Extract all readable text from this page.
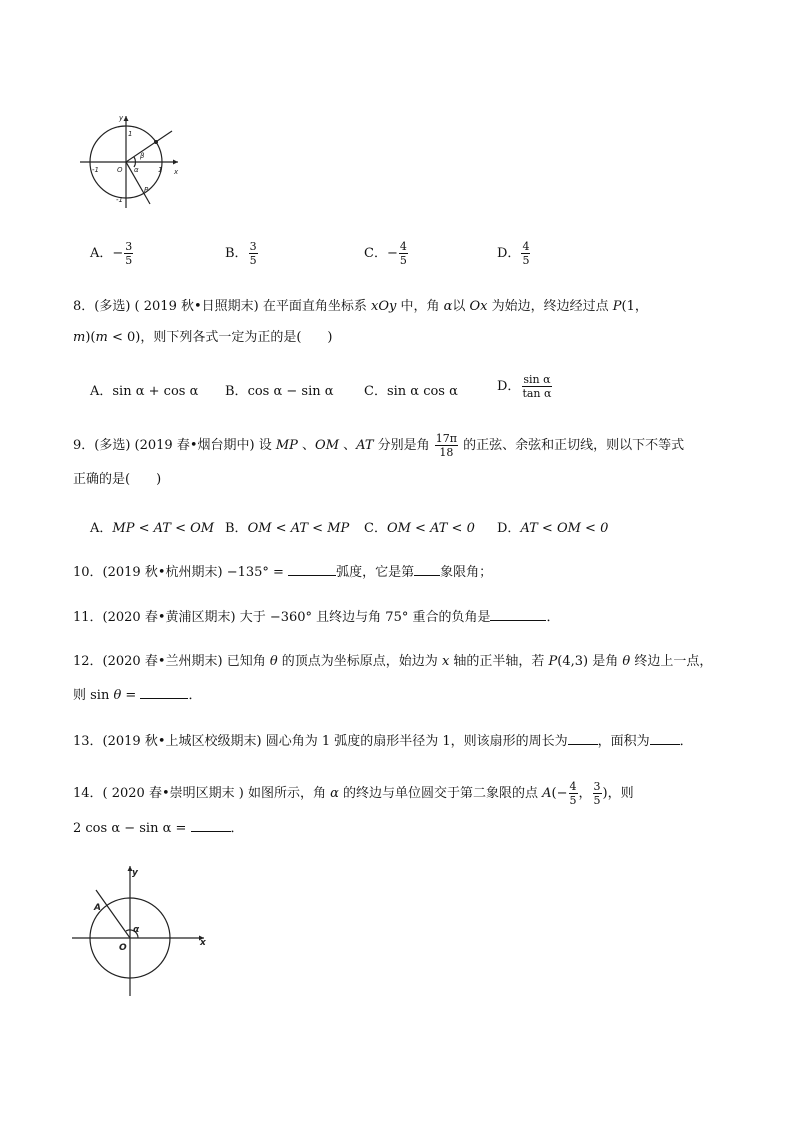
y
x
1
-1	O	1
-1
β
α
P
A．− $\frac{3}{5}$	B． $\frac{3}{5}$	C．− $\frac{4}{5}$	D． $\frac{4}{5}$
8．(多选) ( 2019 秋•日照期末) 在平面直角坐标系 xOy 中，角 α以 Ox 为始边，终边经过点 P(1，
m)(m < 0)，则下列各式一定为正的是(　　)
A．sin α + cos α B．cos α − sin α C．sin α cos α	D． $\frac{\text{sin α}}{\text{tan α}}$
9．(多选) (2019 春•烟台期中) 设 MP 、OM 、AT 分别是角 $\frac{17\pi}{18}$ 的正弦、余弦和正切线，则以下不等式
正确的是(　　)
A．MP < AT < OM B．OM < AT < MP C．OM < AT < 0 D．AT < OM < 0
10．(2019 秋•杭州期末) −135° =	弧度，它是第 象限角；
11．(2020 春•黄浦区期末) 大于 −360° 且终边与角 75° 重合的负角是	．
12．(2020 春•兰州期末) 已知角 θ 的顶点为坐标原点，始边为 x 轴的正半轴，若 P(4,3) 是角 θ 终边上一点，
则 sin θ =	．
13．(2019 秋•上城区校级期末) 圆心角为 1 弧度的扇形半径为 1，则该扇形的周长为 ，面积为 ．
14．( 2020 春•崇明区期末 ) 如图所示，角 α 的终边与单位圆交于第二象限的点 $A(- \frac{4}{5}$ ， $\frac{3}{5}$ )，则
2 cos α − sin α =	．
y
x
O
A
α
